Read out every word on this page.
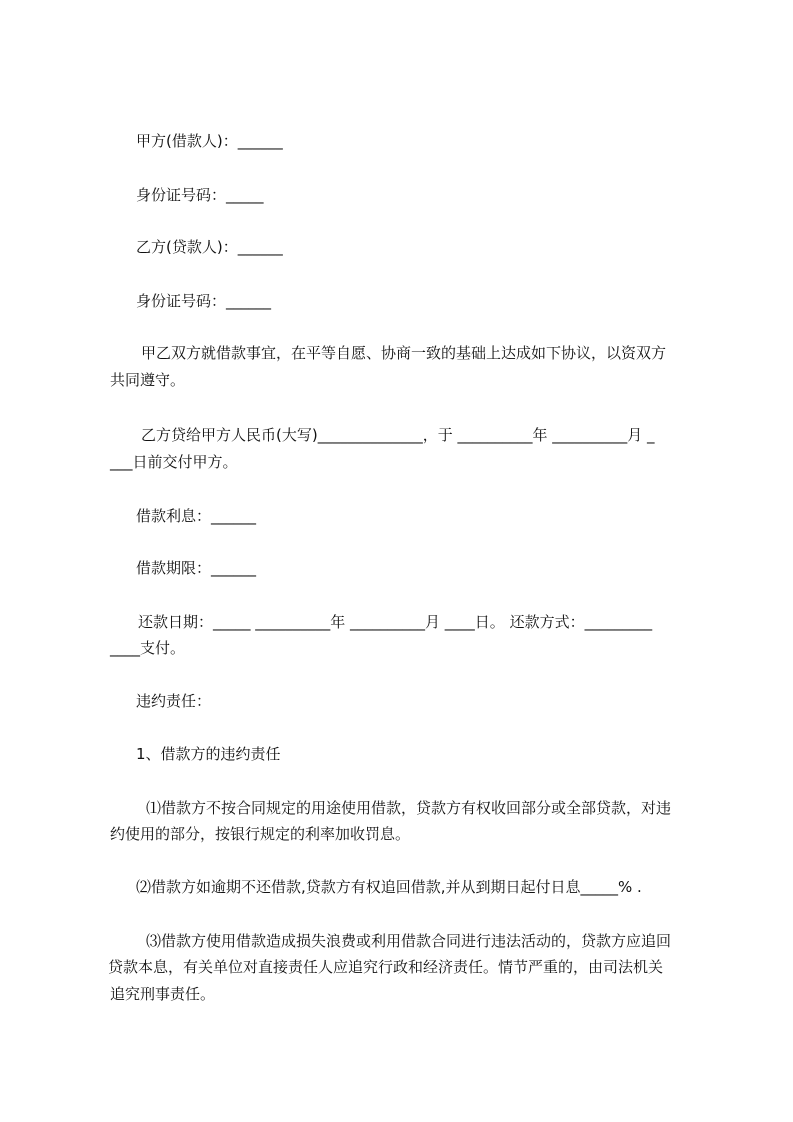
甲方(借款人)：______
身份证号码：_____
乙方(贷款人)：______
身份证号码：______
甲乙双方就借款事宜，在平等自愿、协商一致的基础上达成如下协议，以资双方
共同遵守。
乙方贷给甲方人民币(大写)______________，于 __________年 __________月 _
___日前交付甲方。
借款利息：______
借款期限：______
还款日期：_____ __________年 __________月 ____日。 还款方式：_________
____支付。
违约责任：
1、借款方的违约责任
⑴借款方不按合同规定的用途使用借款，贷款方有权收回部分或全部贷款，对违
约使用的部分，按银行规定的利率加收罚息。
⑵借款方如逾期不还借款,贷款方有权追回借款,并从到期日起付日息_____% .
⑶借款方使用借款造成损失浪费或利用借款合同进行违法活动的，贷款方应追回
贷款本息，有关单位对直接责任人应追究行政和经济责任。情节严重的，由司法机关
追究刑事责任。
